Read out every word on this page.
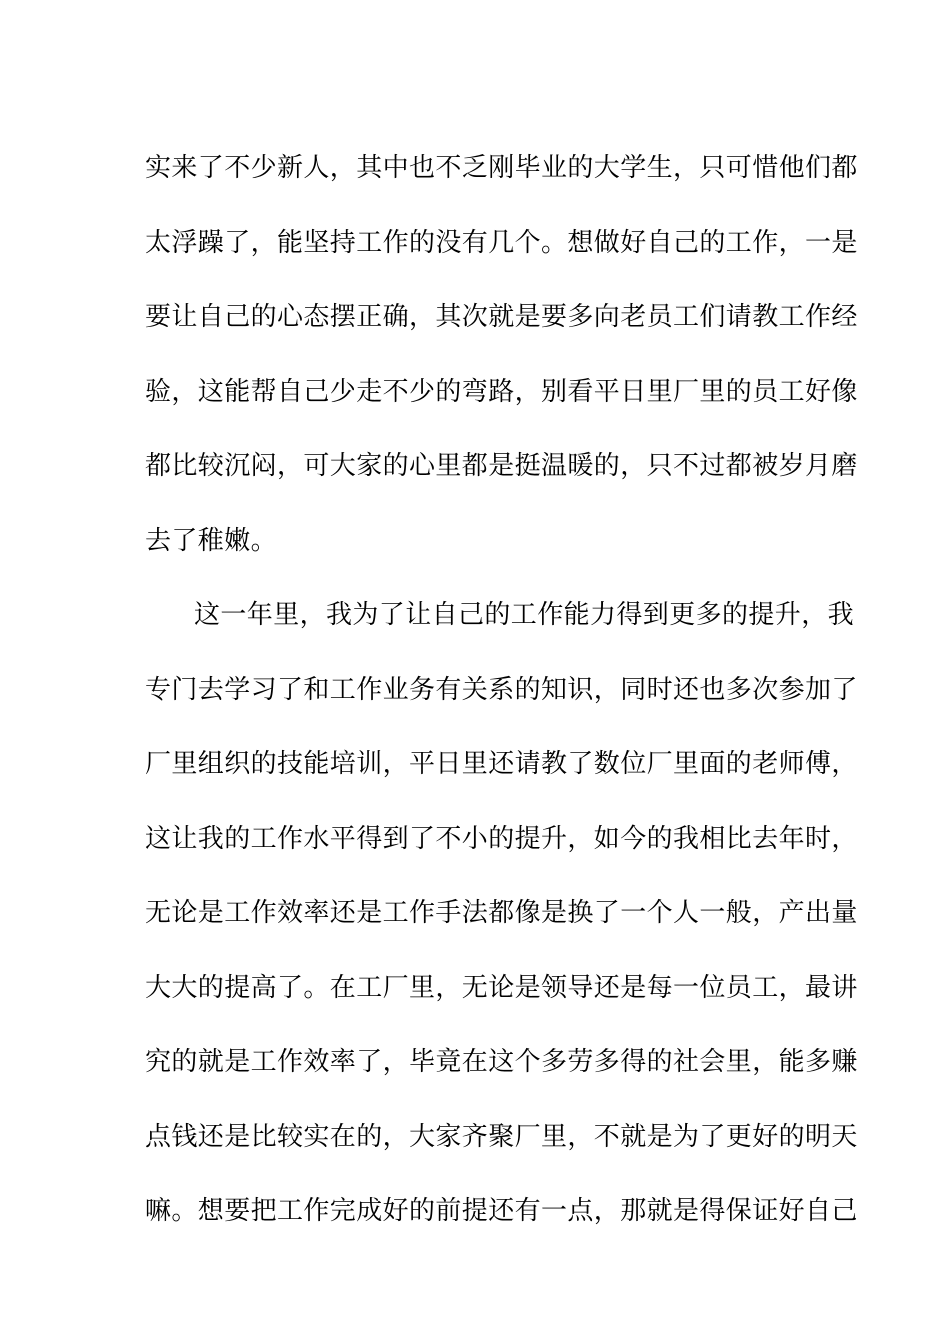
实来了不少新人，其中也不乏刚毕业的大学生，只可惜他们都
太浮躁了，能坚持工作的没有几个。想做好自己的工作，一是
要让自己的心态摆正确，其次就是要多向老员工们请教工作经
验，这能帮自己少走不少的弯路，别看平日里厂里的员工好像
都比较沉闷，可大家的心里都是挺温暖的，只不过都被岁月磨
去了稚嫩。
这一年里，我为了让自己的工作能力得到更多的提升，我
专门去学习了和工作业务有关系的知识，同时还也多次参加了
厂里组织的技能培训，平日里还请教了数位厂里面的老师傅，
这让我的工作水平得到了不小的提升，如今的我相比去年时，
无论是工作效率还是工作手法都像是换了一个人一般，产出量
大大的提高了。在工厂里，无论是领导还是每一位员工，最讲
究的就是工作效率了，毕竟在这个多劳多得的社会里，能多赚
点钱还是比较实在的，大家齐聚厂里，不就是为了更好的明天
嘛。想要把工作完成好的前提还有一点，那就是得保证好自己
